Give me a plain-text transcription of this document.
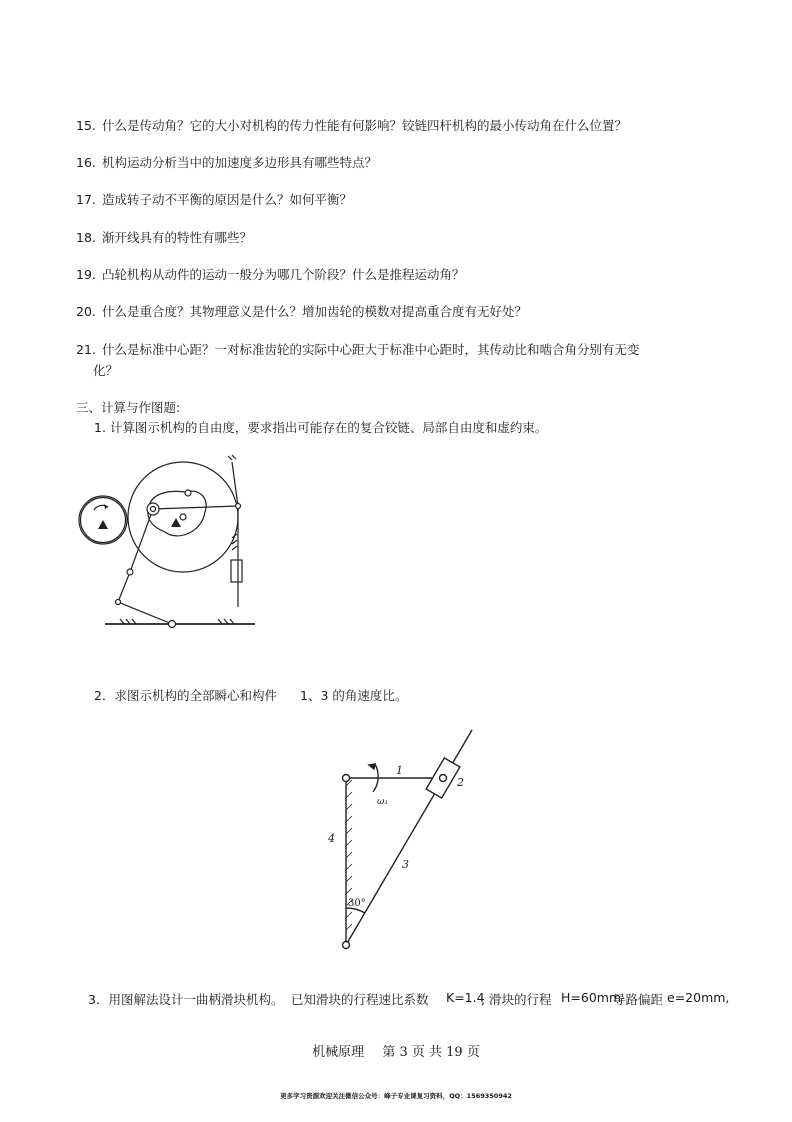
15. 什么是传动角？它的大小对机构的传力性能有何影响？铰链四杆机构的最小传动角在什么位置？
16. 机构运动分析当中的加速度多边形具有哪些特点？
17. 造成转子动不平衡的原因是什么？如何平衡？
18. 渐开线具有的特性有哪些？
19. 凸轮机构从动件的运动一般分为哪几个阶段？什么是推程运动角？
20. 什么是重合度？其物理意义是什么？增加齿轮的模数对提高重合度有无好处？
21. 什么是标准中心距？一对标准齿轮的实际中心距大于标准中心距时，其传动比和啮合角分别有无变
化？
三、计算与作图题:
1. 计算图示机构的自由度，要求指出可能存在的复合铰链、局部自由度和虚约束。
2．求图示机构的全部瞬心和构件 1、3 的角速度比。
1
2
3
4
ω₁
30°
3．用图解法设计一曲柄滑块机构。 已知滑块的行程速比系数 K=1.4
, 滑块的行程 H=60mm
导路偏距 e=20mm,
机械原理 第 3 页 共 19 页
更多学习资源欢迎关注微信公众号：峰子专业课复习资料，QQ：1569350942
